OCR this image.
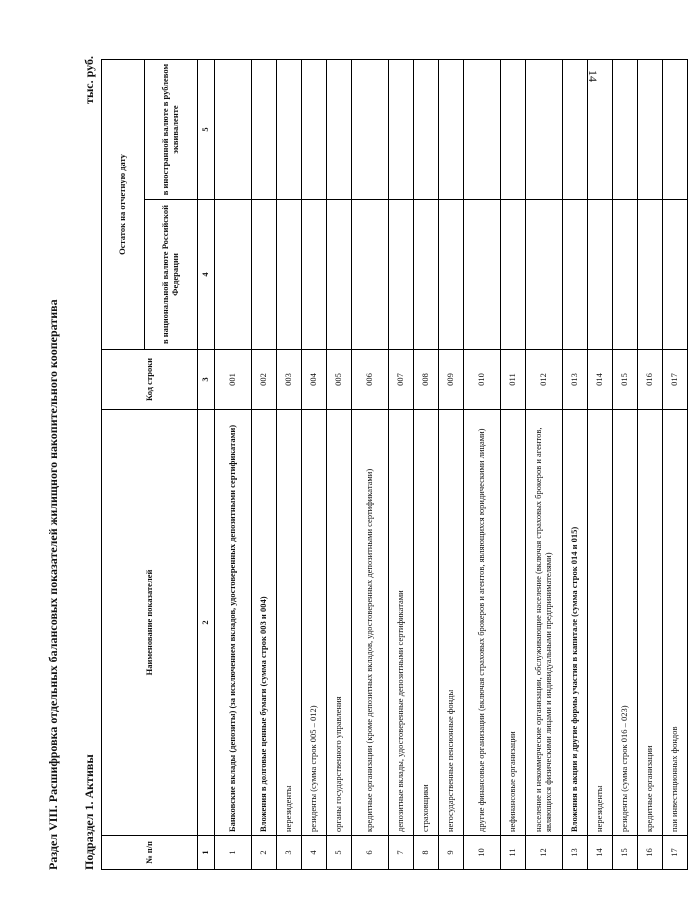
14
Раздел VIII. Расшифровка отдельных балансовых показателей жилищного накопительного кооператива Подраздел 1. Активы
тыс. руб.
№ п/п	Наименование показателей	Код строки	Остаток на отчетную дату	
			в национальной валюте Российской Федерации	в иностранной валюте в рублевом эквиваленте
1	2	3	4	5
1	Банковские вклады (депозиты) (за исключением вкладов, удостоверенных депозитными сертификатами)	001		
2	Вложения в долговые ценные бумаги (сумма строк 003 и 004)	002		
3	нерезиденты	003		
4	резиденты (сумма строк 005 – 012)	004		
5	органы государственного управления	005		
6	кредитные организации (кроме депозитных вкладов, удостоверенных депозитными сертификатами)	006		
7	депозитные вклады, удостоверенные депозитными сертификатами	007		
8	страховщики	008		
9	негосударственные пенсионные фонды	009		
10	другие финансовые организации (включая страховых брокеров и агентов, являющихся юридическими лицами)	010		
11	нефинансовые организации	011		
12	население и некоммерческие организации, обслуживающие население (включая страховых брокеров и агентов, являющихся физическими лицами и индивидуальными предпринимателями)	012		
13	Вложения в акции и другие формы участия в капитале (сумма строк 014 и 015)	013		
14	нерезиденты	014		
15	резиденты (сумма строк 016 – 023)	015		
16	кредитные организации	016		
17	паи инвестиционных фондов	017		
